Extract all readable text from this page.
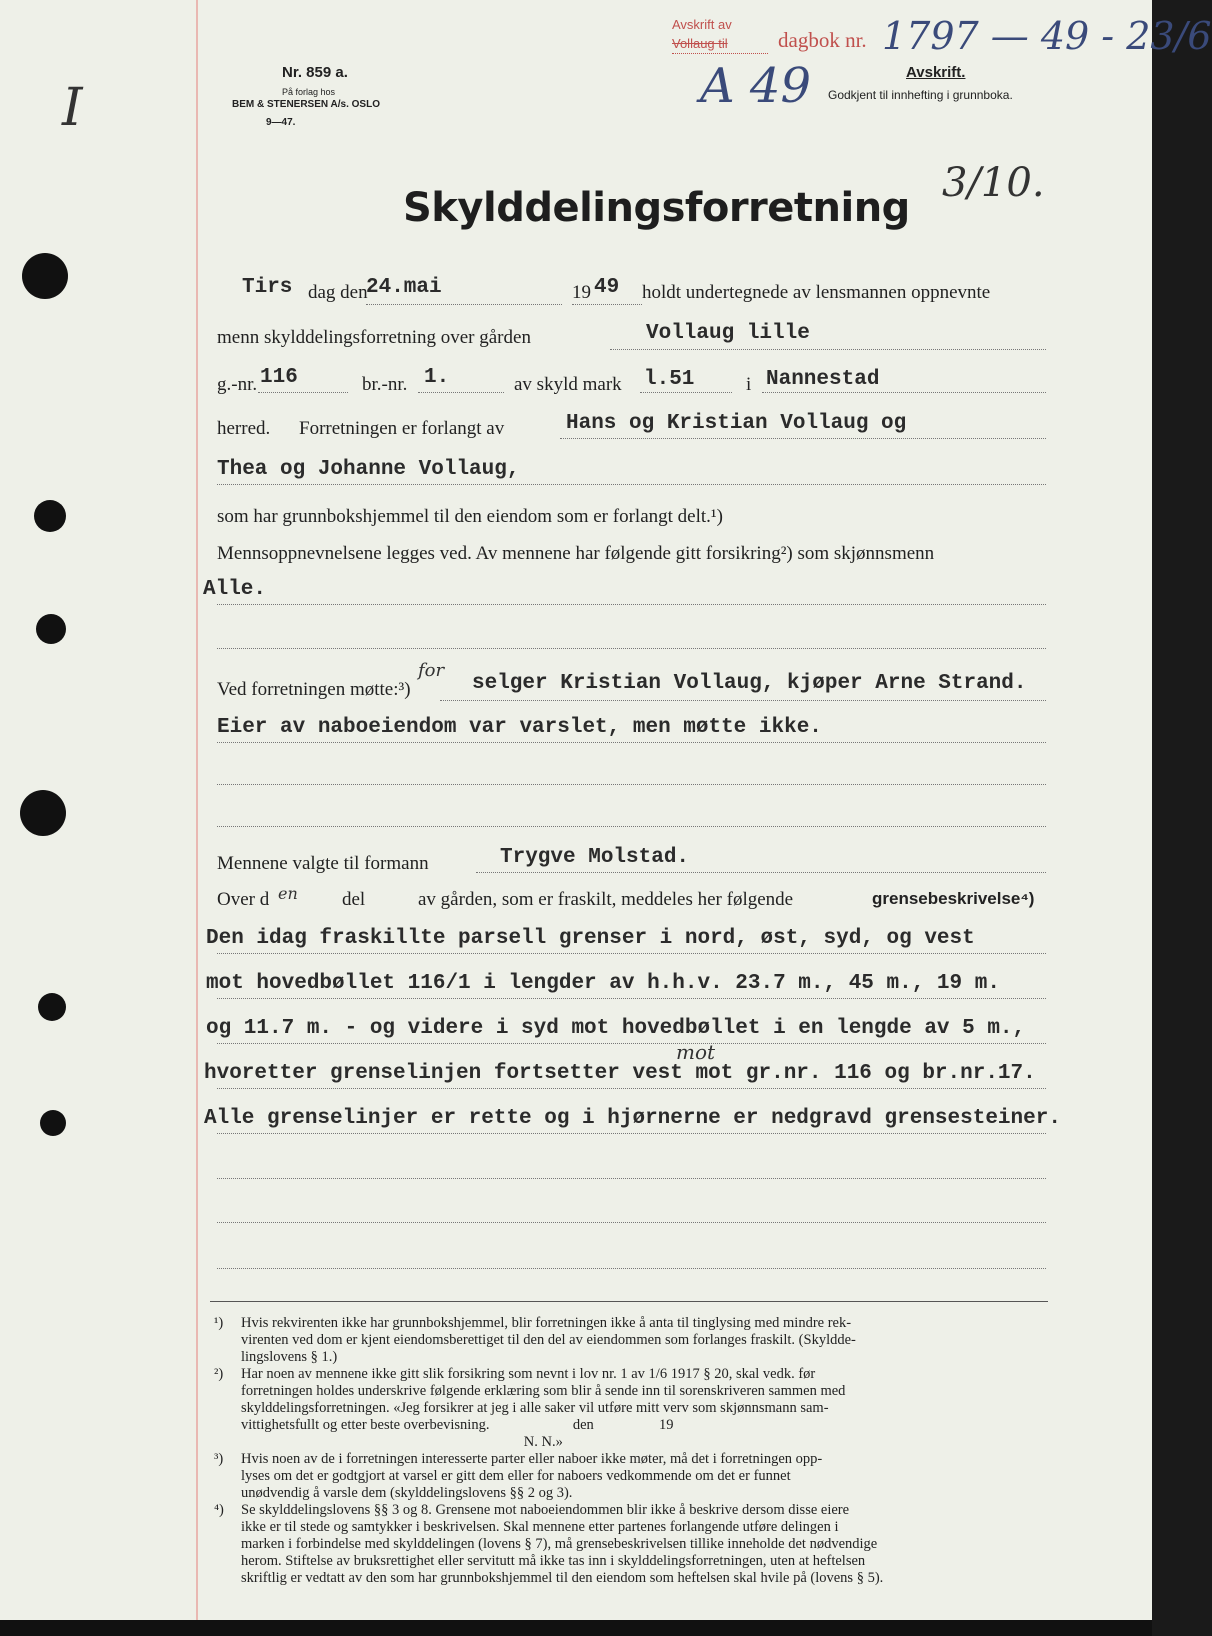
I
Nr. 859 a.
På forlag hos
BEM & STENERSEN A/s. OSLO
9—47.
Avskrift av
Vollaug til dagbok nr. 1797 — 49 - 23/6
A 49	Avskrift.
Godkjent til innhefting i grunnboka.
3/10.
Skylddelingsforretning
Tirs dag den
24.mai	19 49 holdt undertegnede av lensmannen oppnevnte
menn skylddelingsforretning over gården	Vollaug lille
g.-nr. 116	br.-nr. 1.	av skyld mark l.51	i Nannestad
herred. Forretningen er forlangt av	Hans og Kristian Vollaug og
Thea og Johanne Vollaug,
som har grunnbokshjemmel til den eiendom som er forlangt delt.¹)
Mennsoppnevnelsene legges ved. Av mennene har følgende gitt forsikring²) som skjønnsmenn
Alle.
Ved forretningen møtte:³)
for
selger Kristian Vollaug, kjøper Arne Strand.
Eier av naboeiendom var varslet, men møtte ikke.
Mennene valgte til formann	Trygve Molstad.
Over d en del	av gården, som er fraskilt, meddeles her følgende	grensebeskrivelse⁴)
Den idag fraskillte parsell grenser i nord, øst, syd, og vest
mot hovedbøllet 116/1 i lengder av h.h.v. 23.7 m., 45 m., 19 m.
og 11.7 m. - og videre i syd mot hovedbøllet i en lengde av 5 m.,
mot
hvoretter grenselinjen fortsetter vest mot gr.nr. 116 og br.nr.17.
Alle grenselinjer er rette og i hjørnerne er nedgravd grensesteiner.
¹) Hvis rekvirenten ikke har grunnbokshjemmel, blir forretningen ikke å anta til tinglysing med mindre rek-
virenten ved dom er kjent eiendomsberettiget til den del av eiendommen som forlanges fraskilt. (Skyldde-
lingslovens § 1.)
²) Har noen av mennene ikke gitt slik forsikring som nevnt i lov nr. 1 av 1/6 1917 § 20, skal vedk. før
forretningen holdes underskrive følgende erklæring som blir å sende inn til sorenskriveren sammen med
skylddelingsforretningen. «Jeg forsikrer at jeg i alle saker vil utføre mitt verv som skjønnsmann sam-
vittighetsfullt og etter beste overbevisning.                       den                  19
N. N.»
³) Hvis noen av de i forretningen interesserte parter eller naboer ikke møter, må det i forretningen opp-
lyses om det er godtgjort at varsel er gitt dem eller for naboers vedkommende om det er funnet
unødvendig å varsle dem (skylddelingslovens §§ 2 og 3).
⁴) Se skylddelingslovens §§ 3 og 8. Grensene mot naboeiendommen blir ikke å beskrive dersom disse eiere
ikke er til stede og samtykker i beskrivelsen. Skal mennene etter partenes forlangende utføre delingen i
marken i forbindelse med skylddelingen (lovens § 7), må grensebeskrivelsen tillike inneholde det nødvendige
herom. Stiftelse av bruksrettighet eller servitutt må ikke tas inn i skylddelingsforretningen, uten at heftelsen
skriftlig er vedtatt av den som har grunnbokshjemmel til den eiendom som heftelsen skal hvile på (lovens § 5).
